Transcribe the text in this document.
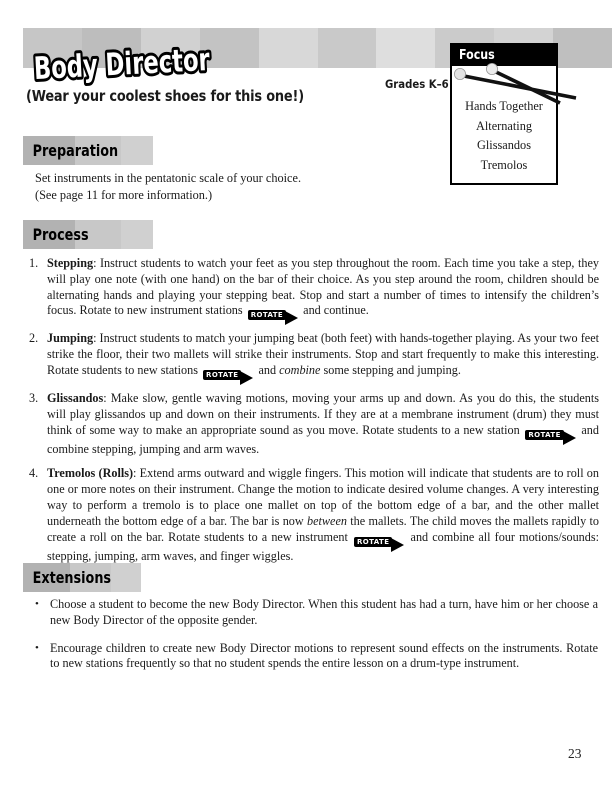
Body Director
(Wear your coolest shoes for this one!)
Grades K–6
Focus
Hands Together
Alternating
Glissandos
Tremolos
Preparation
Set instruments in the pentatonic scale of your choice.
(See page 11 for more information.)
Process
1. Stepping: Instruct students to watch your feet as you step throughout the room. Each time you take a step, they will play one note (with one hand) on the bar of their choice. As you step around the room, children should be alternating hands and playing your stepping beat. Stop and start a number of times to intensify the children’s focus. Rotate to new instrument stations ROTATE and continue.
2. Jumping: Instruct students to match your jumping beat (both feet) with hands-together playing. As your two feet strike the floor, their two mallets will strike their instruments. Stop and start frequently to make this interesting. Rotate students to new stations ROTATE and combine some stepping and jumping.
3. Glissandos: Make slow, gentle waving motions, moving your arms up and down. As you do this, the students will play glissandos up and down on their instruments. If they are at a membrane instrument (drum) they must think of some way to make an appropriate sound as you move. Rotate students to a new station ROTATE and combine stepping, jumping and arm waves.
4. Tremolos (Rolls): Extend arms outward and wiggle fingers. This motion will indicate that students are to roll on one or more notes on their instrument. Change the motion to indicate desired volume changes. A very interesting way to perform a tremolo is to place one mallet on top of the bottom edge of a bar, and the other mallet underneath the bottom edge of a bar. The bar is now between the mallets. The child moves the mallets rapidly to create a roll on the bar. Rotate students to a new instrument ROTATE and combine all four motions/sounds: stepping, jumping, arm waves, and finger wiggles.
Extensions
• Choose a student to become the new Body Director. When this student has had a turn, have him or her choose a new Body Director of the opposite gender.
• Encourage children to create new Body Director motions to represent sound effects on the instruments. Rotate to new stations frequently so that no student spends the entire lesson on a drum-type instrument.
23
